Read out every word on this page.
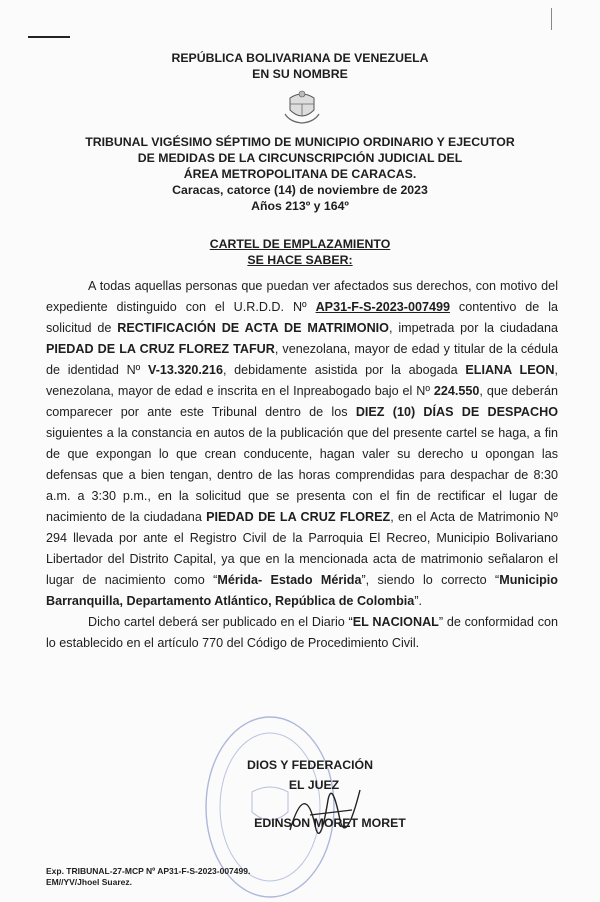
REPÚBLICA BOLIVARIANA DE VENEZUELA
EN SU NOMBRE
TRIBUNAL VIGÉSIMO SÉPTIMO DE MUNICIPIO ORDINARIO Y EJECUTOR
DE MEDIDAS DE LA CIRCUNSCRIPCIÓN JUDICIAL DEL
ÁREA METROPOLITANA DE CARACAS.
Caracas, catorce (14) de noviembre de 2023
Años 213º y 164º
CARTEL DE EMPLAZAMIENTO
SE HACE SABER:

A todas aquellas personas que puedan ver afectados sus derechos, con motivo del expediente distinguido con el U.R.D.D. Nº AP31-F-S-2023-007499 contentivo de la solicitud de RECTIFICACIÓN DE ACTA DE MATRIMONIO, impetrada por la ciudadana PIEDAD DE LA CRUZ FLOREZ TAFUR, venezolana, mayor de edad y titular de la cédula de identidad Nº V-13.320.216, debidamente asistida por la abogada ELIANA LEON, venezolana, mayor de edad e inscrita en el Inpreabogado bajo el Nº 224.550, que deberán comparecer por ante este Tribunal dentro de los DIEZ (10) DÍAS DE DESPACHO siguientes a la constancia en autos de la publicación que del presente cartel se haga, a fin de que expongan lo que crean conducente, hagan valer su derecho u opongan las defensas que a bien tengan, dentro de las horas comprendidas para despachar de 8:30 a.m. a 3:30 p.m., en la solicitud que se presenta con el fin de rectificar el lugar de nacimiento de la ciudadana PIEDAD DE LA CRUZ FLOREZ, en el Acta de Matrimonio Nº 294 llevada por ante el Registro Civil de la Parroquia El Recreo, Municipio Bolivariano Libertador del Distrito Capital, ya que en la mencionada acta de matrimonio señalaron el lugar de nacimiento como “Mérida- Estado Mérida”, siendo lo correcto “Municipio Barranquilla, Departamento Atlántico, República de Colombia”.

Dicho cartel deberá ser publicado en el Diario “EL NACIONAL” de conformidad con lo establecido en el artículo 770 del Código de Procedimiento Civil.

DIOS Y FEDERACIÓN
EL JUEZ
EDINSON MORET MORET
Exp. TRIBUNAL-27-MCP Nº AP31-F-S-2023-007499.
EM//YV/Jhoel Suarez.
